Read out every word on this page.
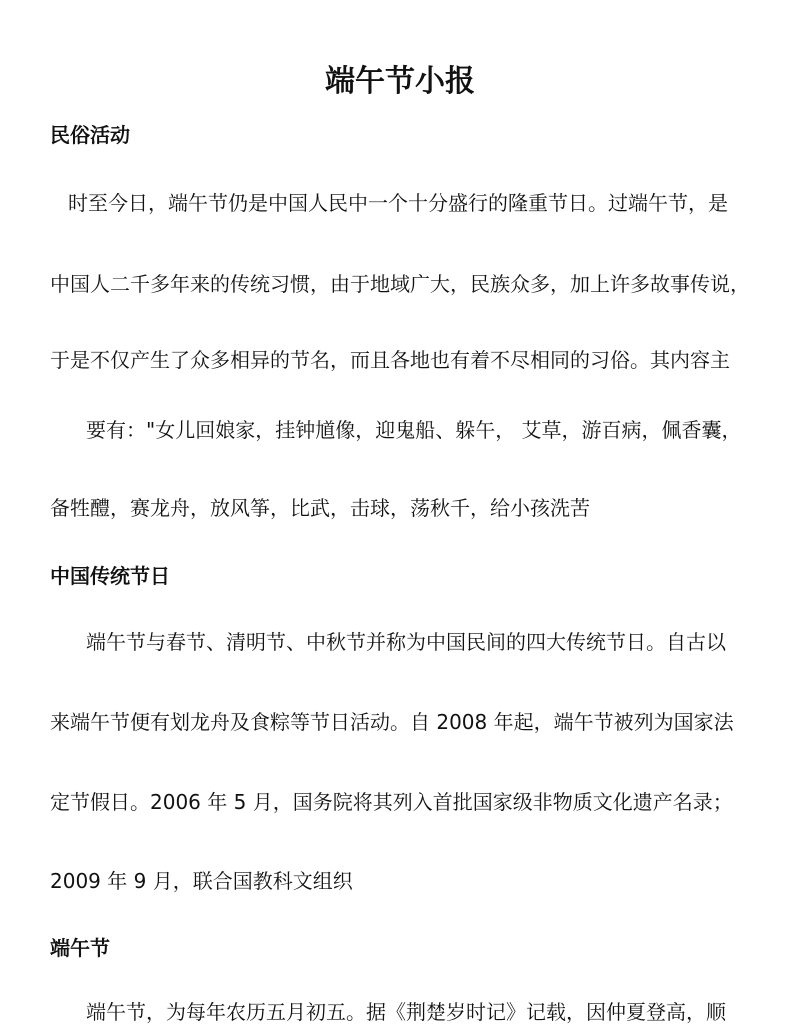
端午节小报
民俗活动
时至今日，端午节仍是中国人民中一个十分盛行的隆重节日。过端午节，是
中国人二千多年来的传统习惯，由于地域广大，民族众多，加上许多故事传说，
于是不仅产生了众多相异的节名，而且各地也有着不尽相同的习俗。其内容主
要有："女儿回娘家，挂钟馗像，迎鬼船、躲午， 艾草，游百病，佩香囊，
备牲醴，赛龙舟，放风筝，比武，击球，荡秋千，给小孩洗苦
中国传统节日
端午节与春节、清明节、中秋节并称为中国民间的四大传统节日。自古以
来端午节便有划龙舟及食粽等节日活动。自 2008 年起，端午节被列为国家法
定节假日。2006 年 5 月，国务院将其列入首批国家级非物质文化遗产名录；
2009 年 9 月，联合国教科文组织
端午节
端午节，为每年农历五月初五。据《荆楚岁时记》记载，因仲夏登高，顺
